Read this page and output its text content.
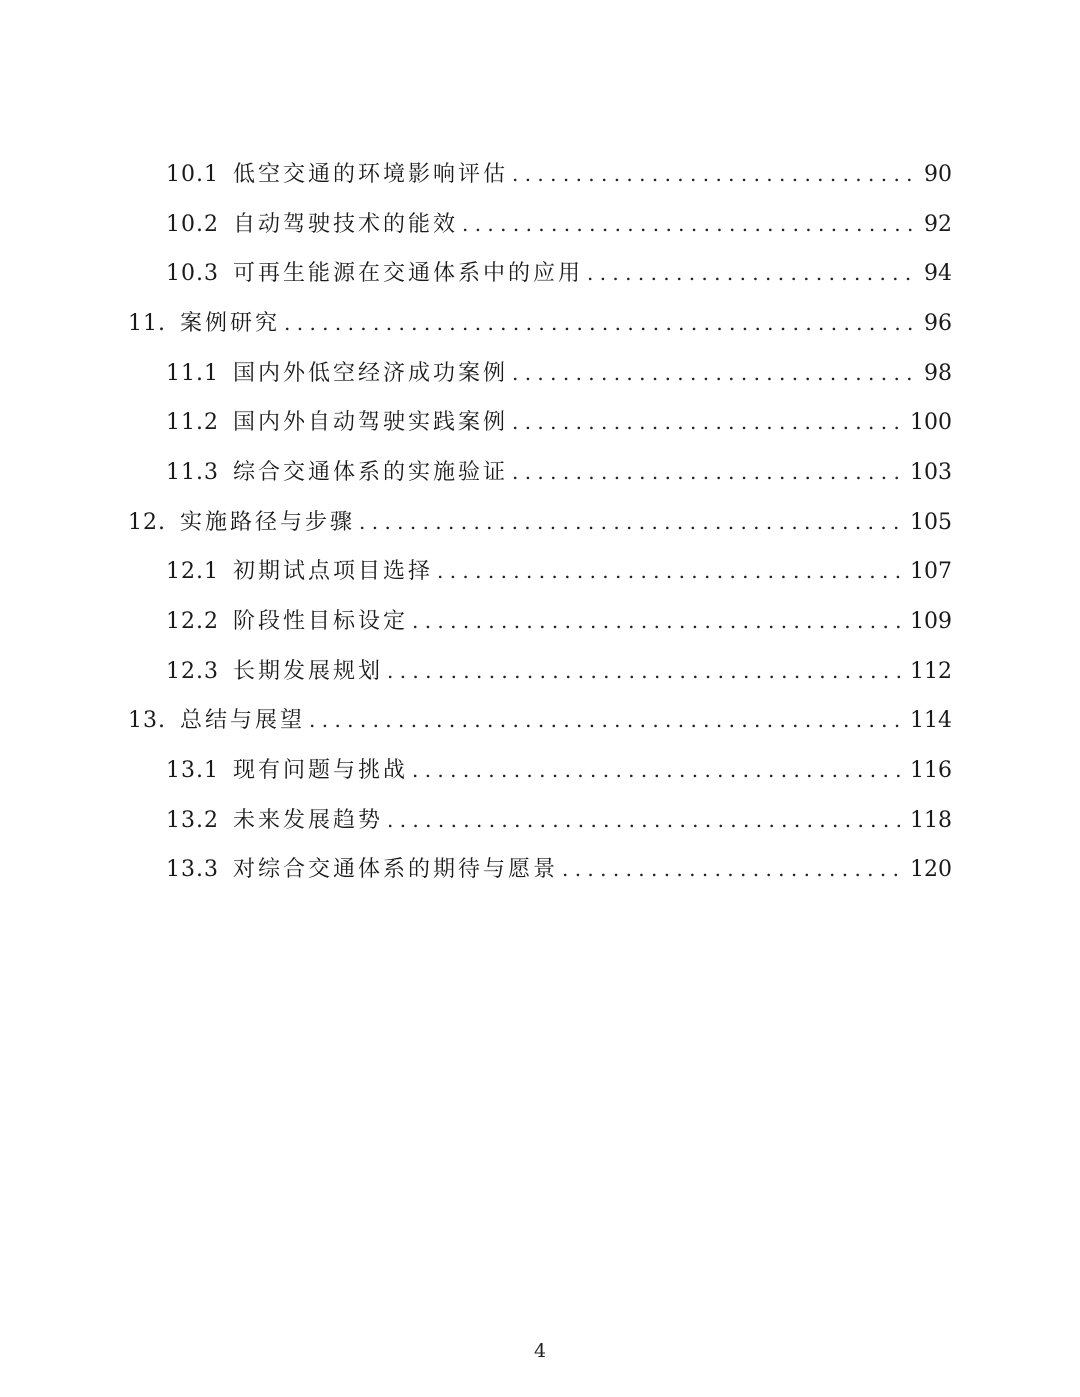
10.1 低空交通的环境影响评估 . . .	90
10.2 自动驾驶技术的能效 . . .	92
10.3 可再生能源在交通体系中的应用 . . .	94
11. 案例研究 . . .	96
11.1 国内外低空经济成功案例 . . .	98
11.2 国内外自动驾驶实践案例 . . .	100
11.3 综合交通体系的实施验证 . . .	103
12. 实施路径与步骤 . . .	105
12.1 初期试点项目选择 . . .	107
12.2 阶段性目标设定 . . .	109
12.3 长期发展规划 . . .	112
13. 总结与展望 . . .	114
13.1 现有问题与挑战 . . .	116
13.2 未来发展趋势 . . .	118
13.3 对综合交通体系的期待与愿景 . . .	120
4
